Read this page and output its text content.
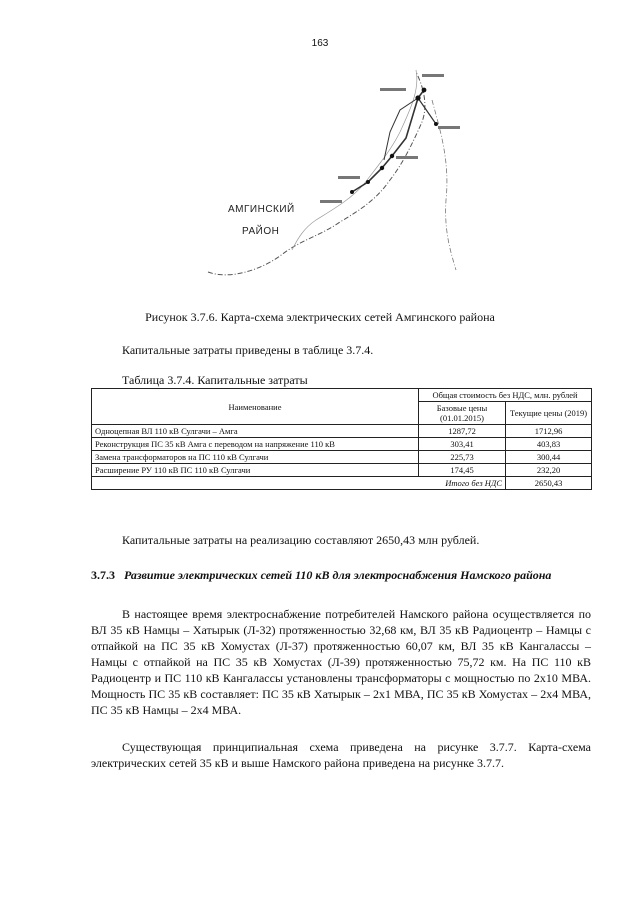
163
АМГИНСКИЙ
РАЙОН
Рисунок 3.7.6. Карта-схема электрических сетей Амгинского района
Капитальные затраты приведены в таблице 3.7.4.
Таблица 3.7.4. Капитальные затраты
Наименование	Общая стоимость без НДС, млн. рублей	
	Базовые цены (01.01.2015)	Текущие цены (2019)
Одноцепная ВЛ 110 кВ Сулгачи – Амга	1287,72	1712,96
Реконструкция ПС 35 кВ Амга с переводом на напряжение 110 кВ	303,41	403,83
Замена трансформаторов на ПС 110 кВ Сулгачи	225,73	300,44
Расширение РУ 110 кВ ПС 110 кВ Сулгачи	174,45	232,20
Итого без НДС		2650,43
Капитальные затраты на реализацию составляют 2650,43 млн рублей.
3.7.3 Развитие электрических сетей 110 кВ для электроснабжения Намского района
В настоящее время электроснабжение потребителей Намского района осуществляется по ВЛ 35 кВ Намцы – Хатырык (Л-32) протяженностью 32,68 км, ВЛ 35 кВ Радиоцентр – Намцы с отпайкой на ПС 35 кВ Хомустах (Л-37) протяженностью 60,07 км, ВЛ 35 кВ Кангалассы – Намцы с отпайкой на ПС 35 кВ Хомустах (Л-39) протяженностью 75,72 км. На ПС 110 кВ Радиоцентр и ПС 110 кВ Кангалассы установлены трансформаторы с мощностью по 2х10 МВА. Мощность ПС 35 кВ составляет: ПС 35 кВ Хатырык – 2х1 МВА, ПС 35 кВ Хомустах – 2х4 МВА, ПС 35 кВ Намцы – 2х4 МВА.
Существующая принципиальная схема приведена на рисунке 3.7.7. Карта-схема электрических сетей 35 кВ и выше Намского района приведена на рисунке 3.7.7.
